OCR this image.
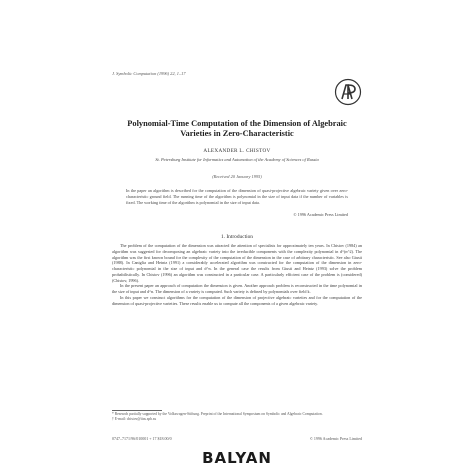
J. Symbolic Computation (1996) 22, 1–17
Polynomial-Time Computation of the Dimension of Algebraic Varieties in Zero-Characteristic
ALEXANDER L. CHISTOV
St. Petersburg Institute for Informatics and Automation of the Academy of Sciences of Russia
(Received 20 January 1995)
In the paper an algorithm is described for the computation of the dimension of quasi-projective algebraic variety given over zero-characteristic ground field. The running time of the algorithm is polynomial in the size of input data if the number of variables is fixed. The working time of the algorithm is polynomial in the size of input data.
© 1996 Academic Press Limited
1. Introduction
The problem of the computation of the dimension was attracted the attention of specialists for approximately ten years. In Chistov (1984) an algorithm was suggested for decomposing an algebraic variety into the irreducible components with the complexity polynomial in d^(n^2). The algorithm was the first known bound for the complexity of the computation of the dimension in the case of arbitrary characteristic. See also Giusti (1988). In Caniglia and Heintz (1991) a considerably accelerated algorithm was constructed for the computation of the dimension in zero-characteristic polynomial in the size of input and d^n. In the general case the results from Giusti and Heintz (1993) solve the problem probabilistically. In Chistov (1996) an algorithm was constructed in a particular case. A particularly efficient case of the problem is (considered) (Chistov, 1996).
In the present paper an approach of computation the dimension is given. Another approach problem is reconstructed in the time polynomial in the size of input and d^n. The dimension of a variety is computed. Such variety is defined by polynomials over field k.
In this paper we construct algorithms for the computation of the dimension of projective algebraic varieties and for the computation of the dimension of quasi-projective varieties. These results enable us to compute all the components of a given algebraic variety.
* Research partially supported by the Volkswagen-Stiftung. Preprint of the International Symposium on Symbolic and Algebraic Computation.
† E-mail: chistov@iias.spb.su
0747–7171/96/010001 + 17 $18.00/0	© 1996 Academic Press Limited
BALYAN
